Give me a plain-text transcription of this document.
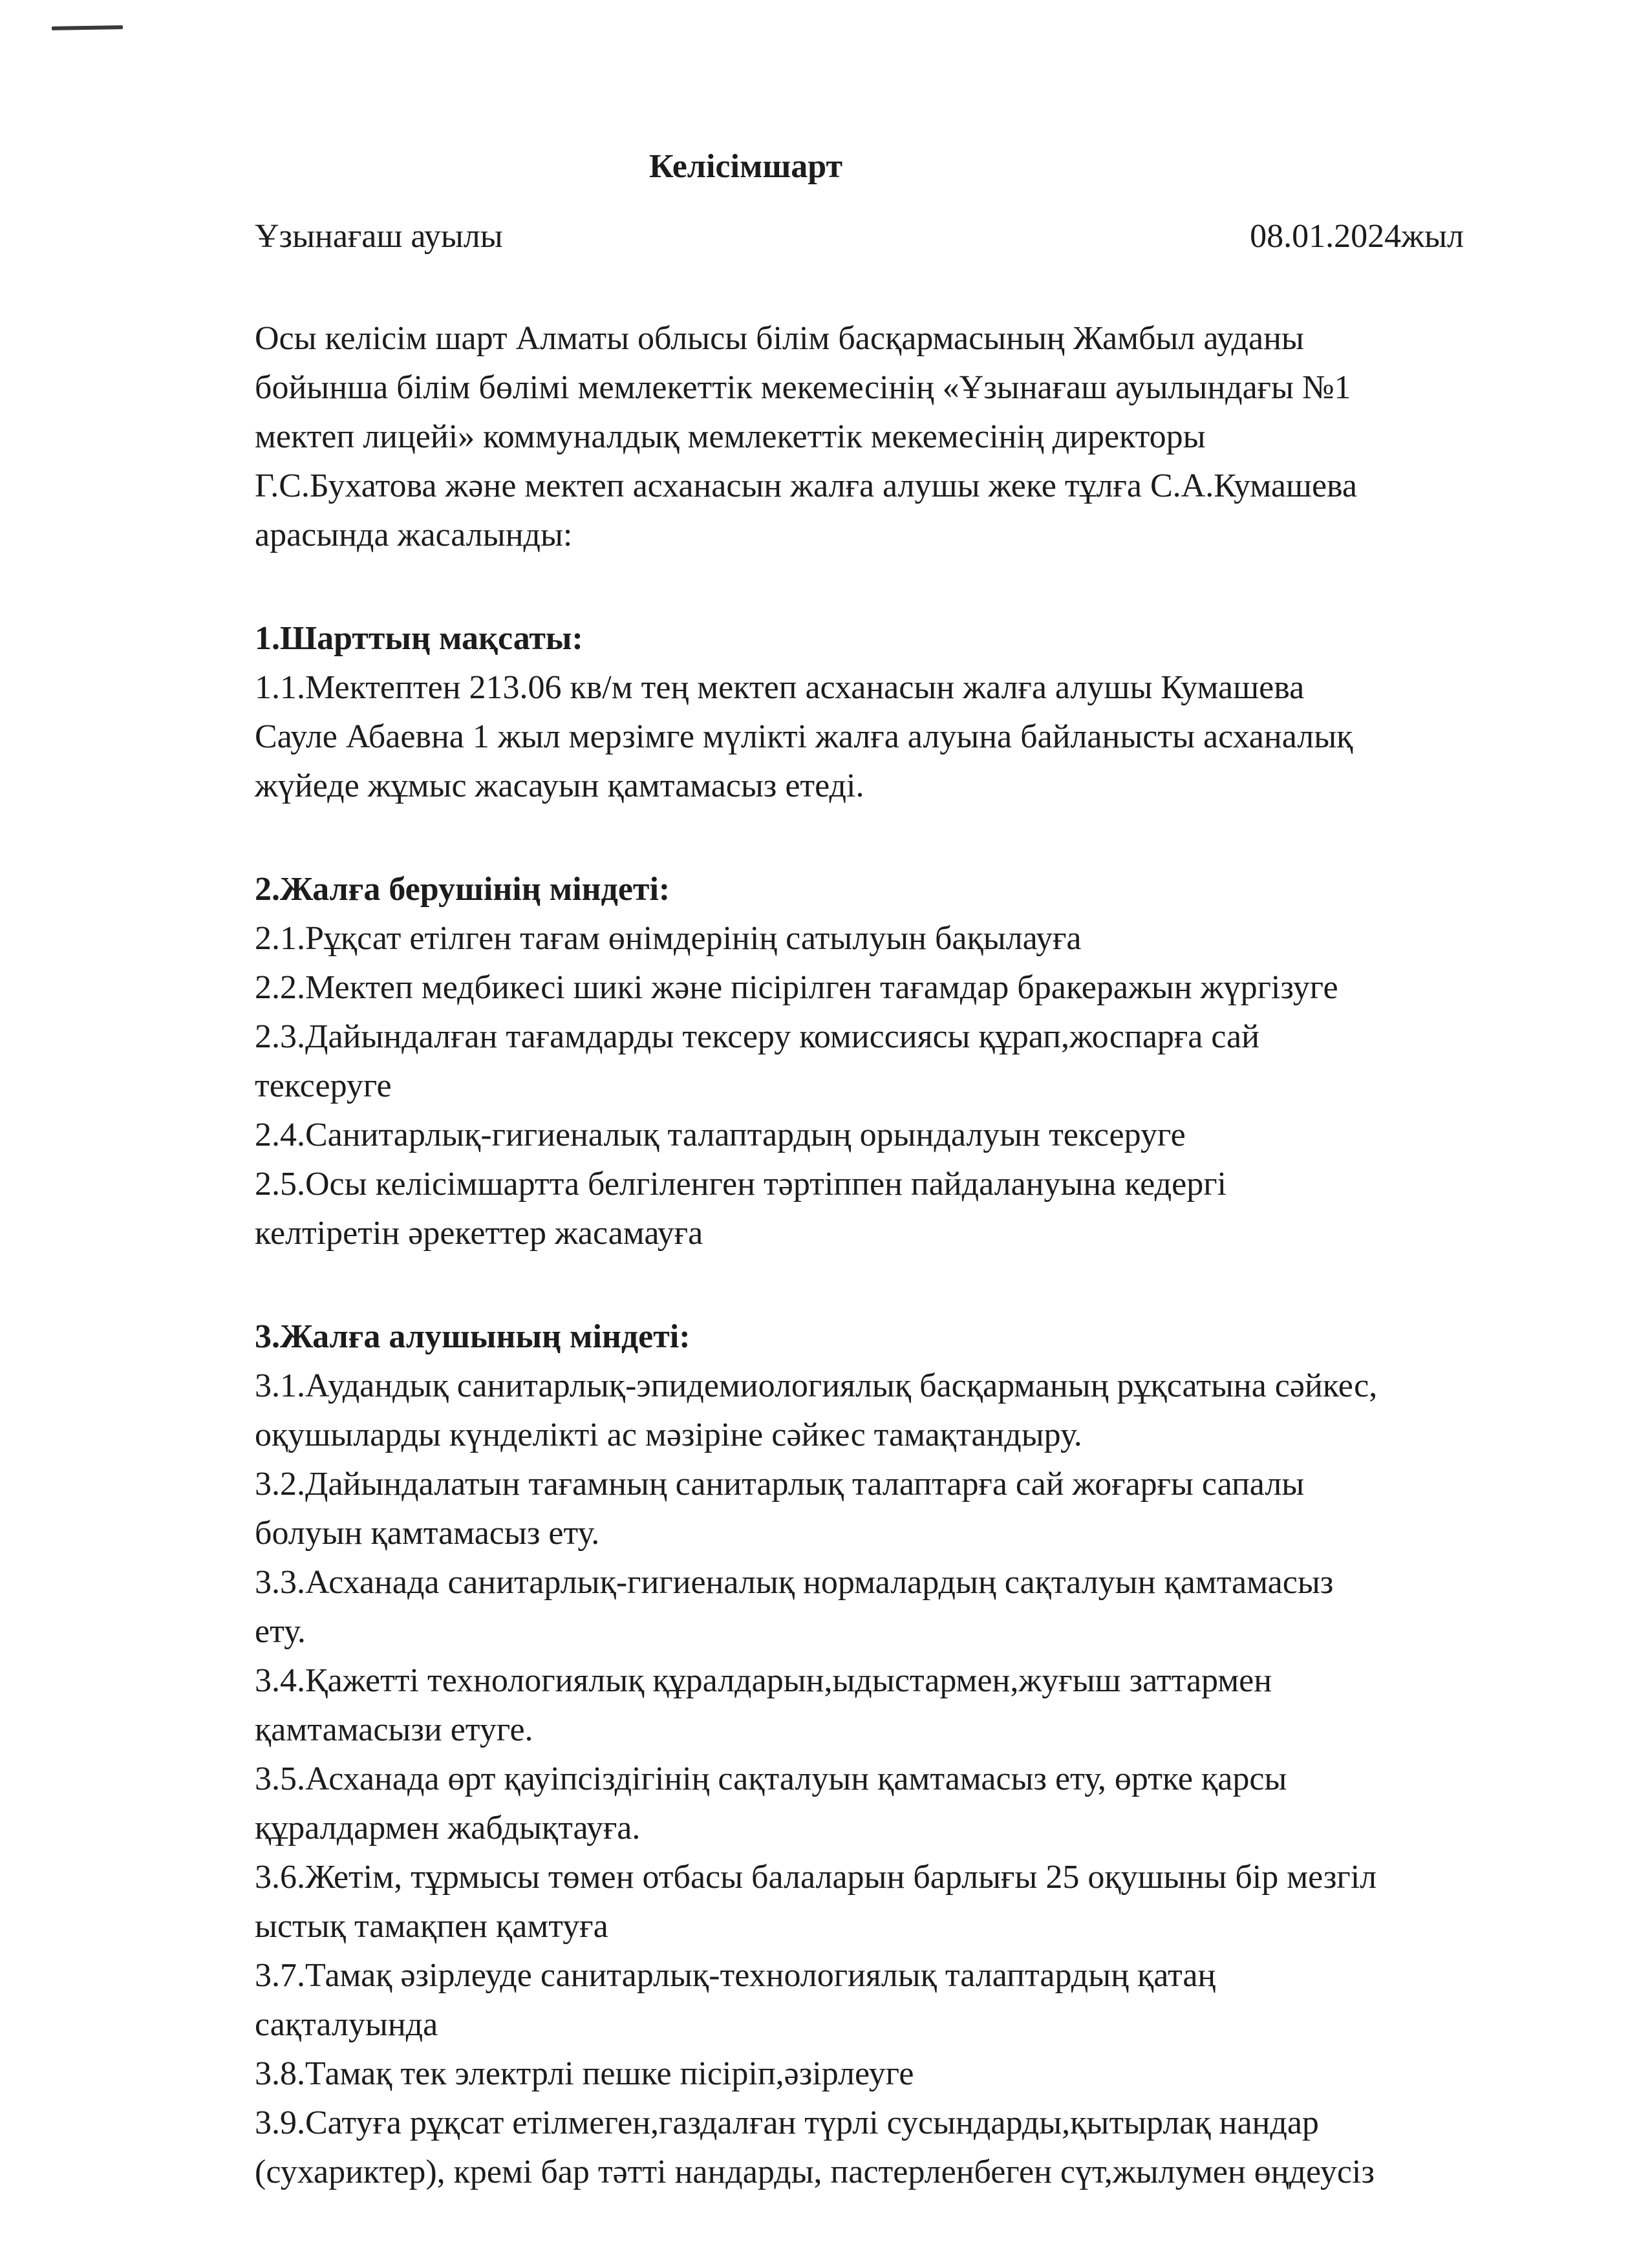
Келісімшарт
Ұзынағаш ауылы	08.01.2024жыл
Осы келісім шарт Алматы облысы білім басқармасының Жамбыл ауданы
бойынша білім бөлімі мемлекеттік мекемесінің «Ұзынағаш ауылындағы №1
мектеп лицейі» коммуналдық мемлекеттік мекемесінің директоры
Г.С.Бухатова және мектеп асханасын жалға алушы жеке тұлға С.А.Кумашева
арасында жасалынды:
1.Шарттың мақсаты:
1.1.Мектептен 213.06 кв/м тең мектеп асханасын жалға алушы Кумашева
Сауле Абаевна 1 жыл мерзімге мүлікті жалға алуына байланысты асханалық
жүйеде жұмыс жасауын қамтамасыз етеді.
2.Жалға берушінің міндеті:
2.1.Рұқсат етілген тағам өнімдерінің сатылуын бақылауға
2.2.Мектеп медбикесі шикі және пісірілген тағамдар бракеражын жүргізуге
2.3.Дайындалған тағамдарды тексеру комиссиясы құрап,жоспарға сай
тексеруге
2.4.Санитарлық-гигиеналық талаптардың орындалуын тексеруге
2.5.Осы келісімшартта белгіленген тәртіппен пайдалануына кедергі
келтіретін әрекеттер жасамауға
3.Жалға алушының міндеті:
3.1.Аудандық санитарлық-эпидемиологиялық басқарманың рұқсатына сәйкес,
оқушыларды күнделікті ас мәзіріне сәйкес тамақтандыру.
3.2.Дайындалатын тағамның санитарлық талаптарға сай жоғарғы сапалы
болуын қамтамасыз ету.
3.3.Асханада санитарлық-гигиеналық нормалардың сақталуын қамтамасыз
ету.
3.4.Қажетті технологиялық құралдарын,ыдыстармен,жуғыш заттармен
қамтамасызи етуге.
3.5.Асханада өрт қауіпсіздігінің сақталуын қамтамасыз ету, өртке қарсы
құралдармен жабдықтауға.
3.6.Жетім, тұрмысы төмен отбасы балаларын барлығы 25 оқушыны бір мезгіл
ыстық тамақпен қамтуға
3.7.Тамақ әзірлеуде санитарлық-технологиялық талаптардың қатаң
сақталуында
3.8.Тамақ тек электрлі пешке пісіріп,әзірлеуге
3.9.Сатуға рұқсат етілмеген,газдалған түрлі сусындарды,қытырлақ нандар
(сухариктер), кремі бар тәтті нандарды, пастерленбеген сүт,жылумен өңдеусіз
